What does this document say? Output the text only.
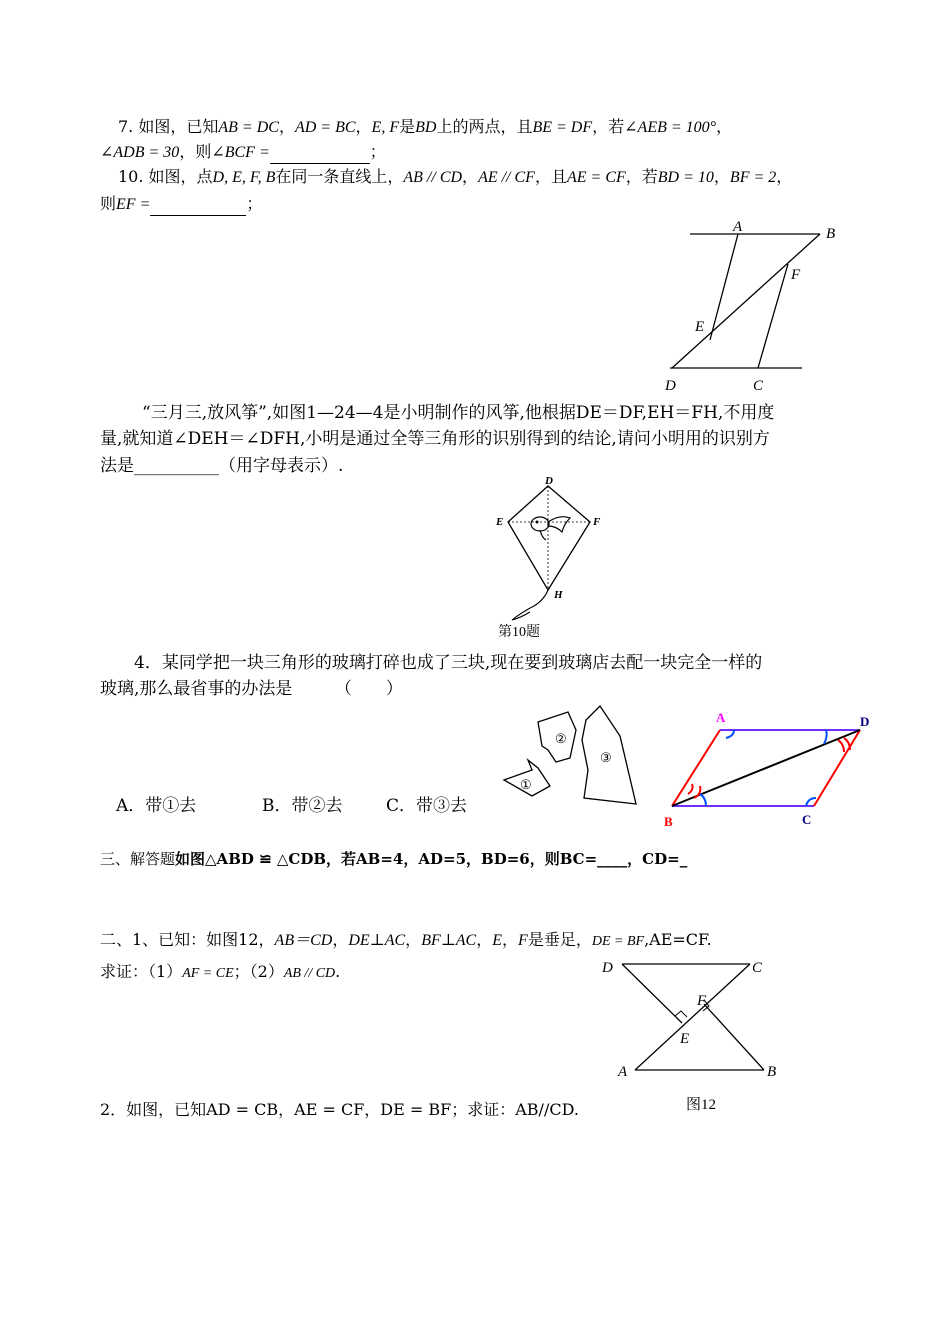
7. 如图，已知AB = DC，AD = BC，E, F是BD上的两点，且BE = DF，若∠AEB = 100°，
∠ADB = 30，则∠BCF =	；
10. 如图，点D, E, F, B在同一条直线上，AB // CD，AE // CF，且AE = CF，若BD = 10，BF = 2，
则EF =	；
A	B
F
E
D	C
“三月三,放风筝”,如图1—24—4是小明制作的风筝,他根据DE＝DF,EH＝FH,不用度
量,就知道∠DEH＝∠DFH,小明是通过全等三角形的识别得到的结论,请问小明用的识别方
法是__________（用字母表示）.
D
E	F
H
第10题
4．某同学把一块三角形的玻璃打碎也成了三块,现在要到玻璃店去配一块完全一样的
玻璃,那么最省事的办法是　　　（　　）
①
②
③
A．带①去	B．带②去	C．带③去
A	D
B	C
三、解答题如图△ABD ≌ △CDB，若AB=4，AD=5，BD=6，则BC=____，CD=_
二、1、已知：如图12，AB＝CD，DE⊥AC，BF⊥AC，E，F是垂足，DE = BF,AE=CF.
求证：（1）AF = CE；（2）AB // CD.	D	C
F
E
A	B
图12
2．如图，已知AD = CB，AE = CF，DE = BF；求证：AB//CD.
